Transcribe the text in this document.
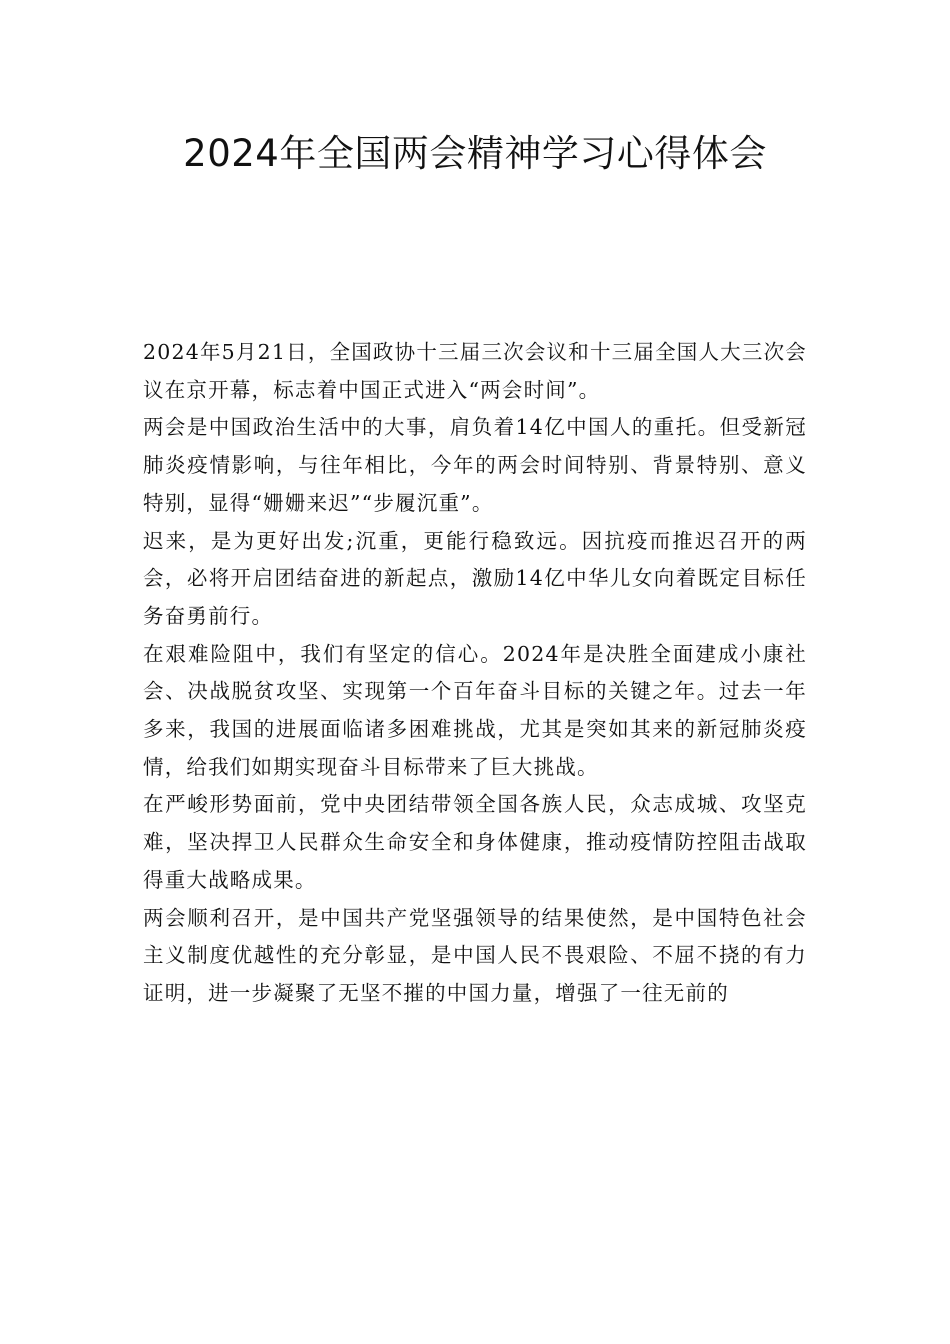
2024年全国两会精神学习心得体会

2024年5月21日，全国政协十三届三次会议和十三届全国人大三次会议在京开幕，标志着中国正式进入“两会时间”。

两会是中国政治生活中的大事，肩负着14亿中国人的重托。但受新冠肺炎疫情影响，与往年相比，今年的两会时间特别、背景特别、意义特别，显得“姗姗来迟”“步履沉重”。

迟来，是为更好出发;沉重，更能行稳致远。因抗疫而推迟召开的两会，必将开启团结奋进的新起点，激励14亿中华儿女向着既定目标任务奋勇前行。

在艰难险阻中，我们有坚定的信心。2024年是决胜全面建成小康社会、决战脱贫攻坚、实现第一个百年奋斗目标的关键之年。过去一年多来，我国的进展面临诸多困难挑战，尤其是突如其来的新冠肺炎疫情，给我们如期实现奋斗目标带来了巨大挑战。

在严峻形势面前，党中央团结带领全国各族人民，众志成城、攻坚克难，坚决捍卫人民群众生命安全和身体健康，推动疫情防控阻击战取得重大战略成果。

两会顺利召开，是中国共产党坚强领导的结果使然，是中国特色社会主义制度优越性的充分彰显，是中国人民不畏艰险、不屈不挠的有力证明，进一步凝聚了无坚不摧的中国力量，增强了一往无前的
